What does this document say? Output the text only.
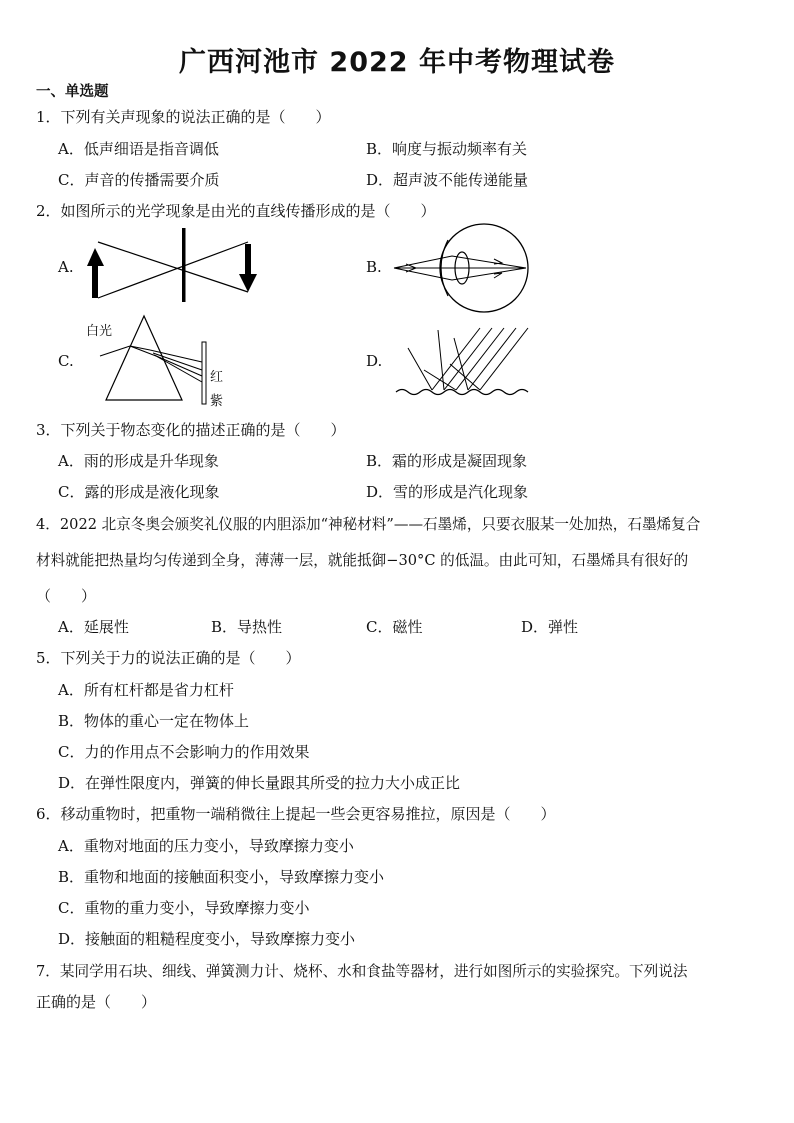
广西河池市 2022 年中考物理试卷
一、单选题
1．下列有关声现象的说法正确的是（　　）
A．低声细语是指音调低	B．响度与振动频率有关
C．声音的传播需要介质	D．超声波不能传递能量
2．如图所示的光学现象是由光的直线传播形成的是（　　）
A.	B.
C.
白光
红
紫
D.
3．下列关于物态变化的描述正确的是（　　）
A．雨的形成是升华现象	B．霜的形成是凝固现象
C．露的形成是液化现象	D．雪的形成是汽化现象
4．2022 北京冬奥会颁奖礼仪服的内胆添加“神秘材料”——石墨烯，只要衣服某一处加热，石墨烯复合
材料就能把热量均匀传递到全身，薄薄一层，就能抵御−30°C 的低温。由此可知，石墨烯具有很好的
（　　）
A．延展性	B．导热性	C．磁性	D．弹性
5．下列关于力的说法正确的是（　　）
A．所有杠杆都是省力杠杆
B．物体的重心一定在物体上
C．力的作用点不会影响力的作用效果
D．在弹性限度内，弹簧的伸长量跟其所受的拉力大小成正比
6．移动重物时，把重物一端稍微往上提起一些会更容易推拉，原因是（　　）
A．重物对地面的压力变小，导致摩擦力变小
B．重物和地面的接触面积变小，导致摩擦力变小
C．重物的重力变小，导致摩擦力变小
D．接触面的粗糙程度变小，导致摩擦力变小
7．某同学用石块、细线、弹簧测力计、烧杯、水和食盐等器材，进行如图所示的实验探究。下列说法
正确的是（　　）
